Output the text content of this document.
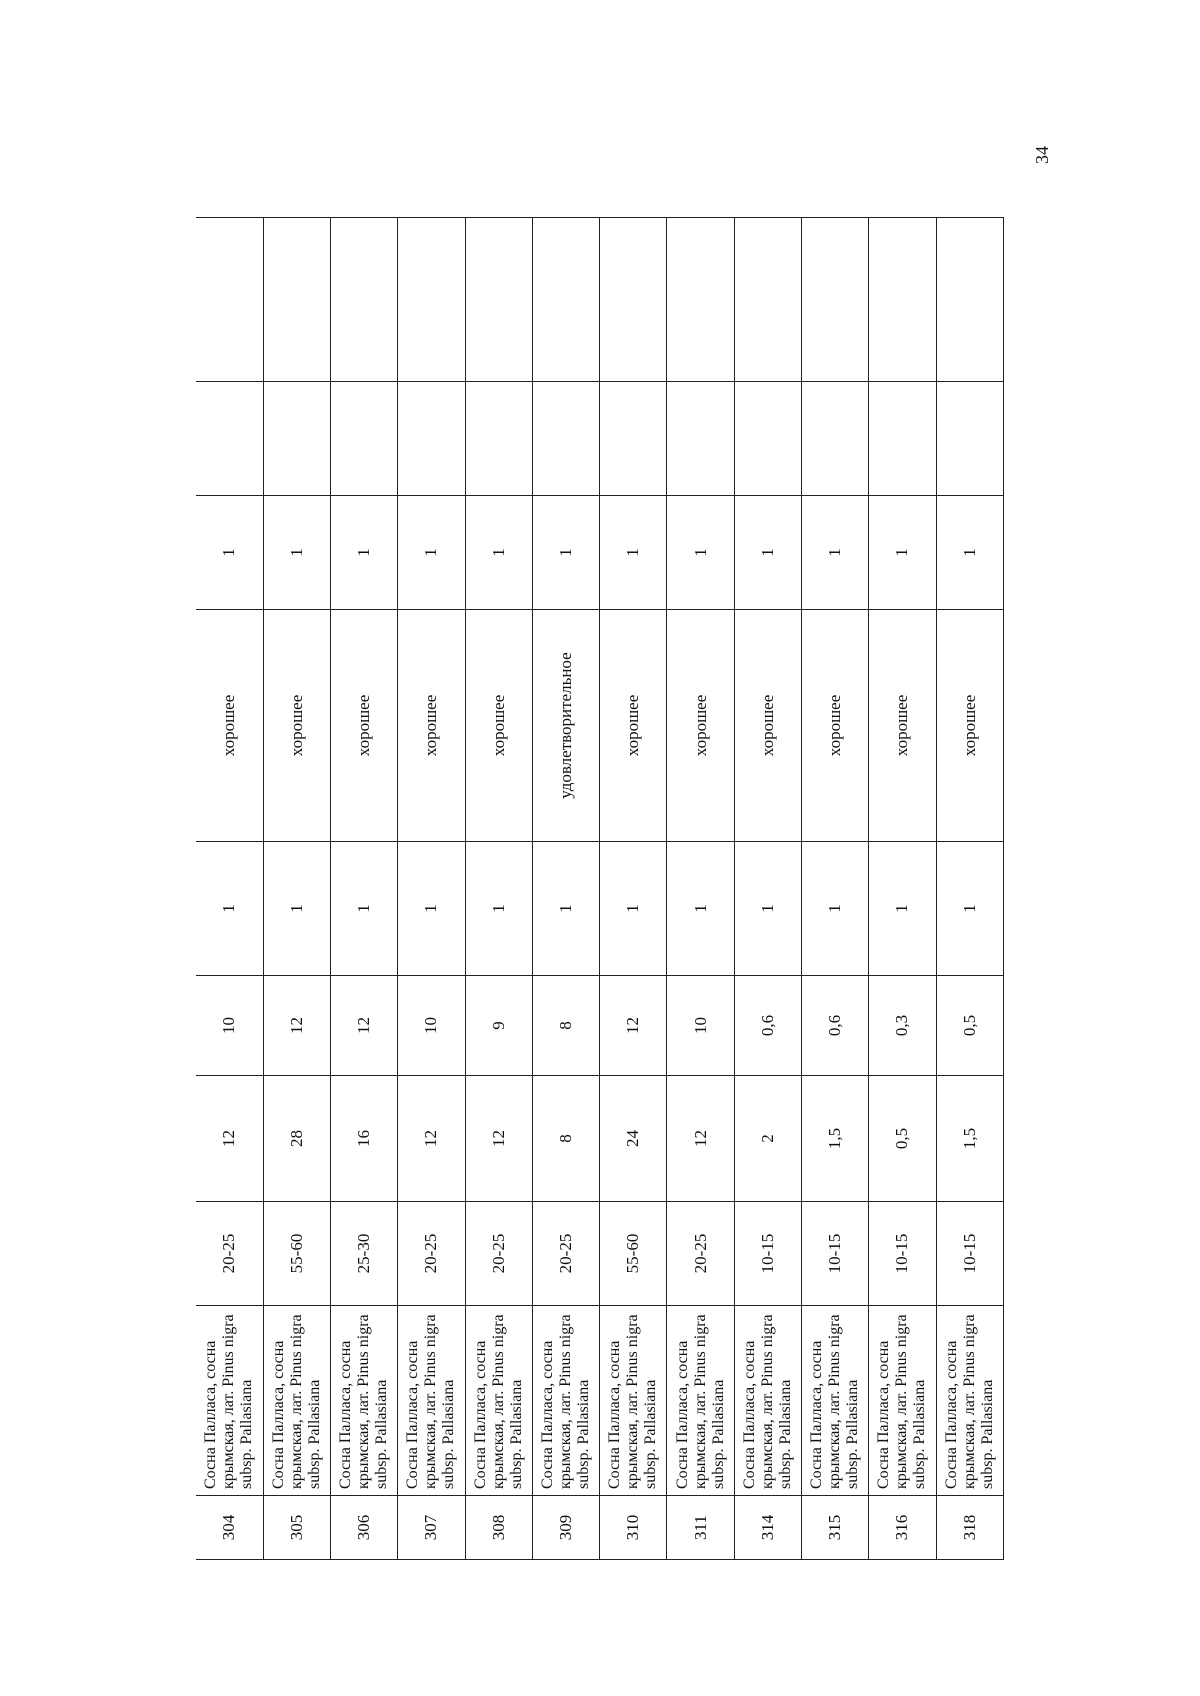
34
304	Сосна Палласа, сосна крымская, лат. Pinus nigra subsp. Pallasiana	20-25	12	10	1	хорошее	1		
305	Сосна Палласа, сосна крымская, лат. Pinus nigra subsp. Pallasiana	55-60	28	12	1	хорошее	1		
306	Сосна Палласа, сосна крымская, лат. Pinus nigra subsp. Pallasiana	25-30	16	12	1	хорошее	1		
307	Сосна Палласа, сосна крымская, лат. Pinus nigra subsp. Pallasiana	20-25	12	10	1	хорошее	1		
308	Сосна Палласа, сосна крымская, лат. Pinus nigra subsp. Pallasiana	20-25	12	9	1	хорошее	1		
309	Сосна Палласа, сосна крымская, лат. Pinus nigra subsp. Pallasiana	20-25	8	8	1	удовлетворительное	1		
310	Сосна Палласа, сосна крымская, лат. Pinus nigra subsp. Pallasiana	55-60	24	12	1	хорошее	1		
311	Сосна Палласа, сосна крымская, лат. Pinus nigra subsp. Pallasiana	20-25	12	10	1	хорошее	1		
314	Сосна Палласа, сосна крымская, лат. Pinus nigra subsp. Pallasiana	10-15	2	0,6	1	хорошее	1		
315	Сосна Палласа, сосна крымская, лат. Pinus nigra subsp. Pallasiana	10-15	1,5	0,6	1	хорошее	1		
316	Сосна Палласа, сосна крымская, лат. Pinus nigra subsp. Pallasiana	10-15	0,5	0,3	1	хорошее	1		
318	Сосна Палласа, сосна крымская, лат. Pinus nigra subsp. Pallasiana	10-15	1,5	0,5	1	хорошее	1		
